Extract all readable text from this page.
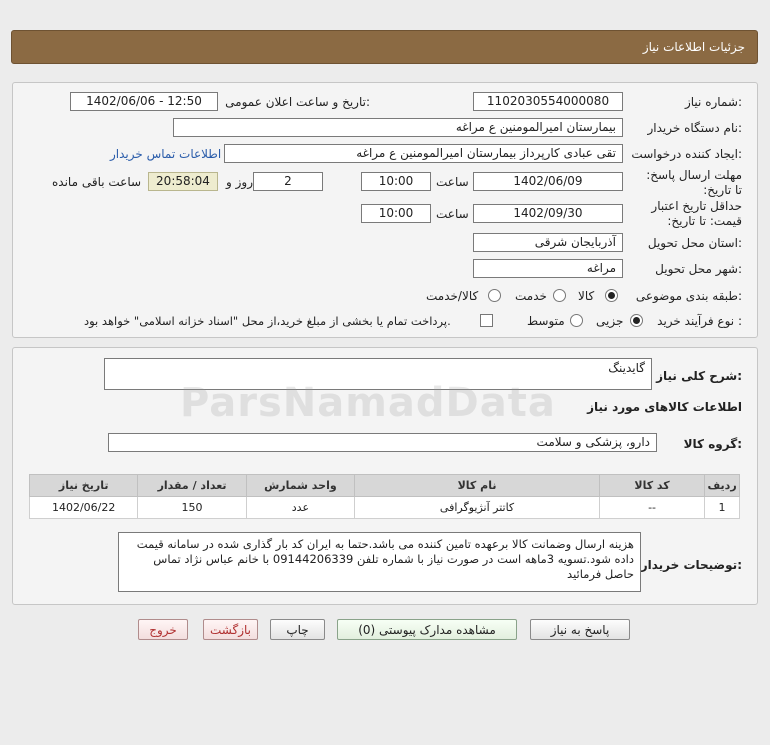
جزئیات اطلاعات نیاز
شماره نیاز:
1102030554000080
تاریخ و ساعت اعلان عمومی:
1402/06/06 - 12:50
نام دستگاه خریدار:
بیمارستان امیرالمومنین ع مراغه
ایجاد کننده درخواست:
تقی عبادی کارپرداز بیمارستان امیرالمومنین ع مراغه
اطلاعات تماس خریدار
مهلت ارسال پاسخ: تا تاریخ:
1402/06/09
ساعت
10:00
2
روز و
20:58:04
ساعت باقی مانده
حداقل تاریخ اعتبار قیمت: تا تاریخ:
1402/09/30
ساعت
10:00
استان محل تحویل:
آذربایجان شرقی
شهر محل تحویل:
مراغه
طبقه بندی موضوعی:
کالا
خدمت
کالا/خدمت
نوع فرآیند خرید :
جزیی
متوسط
پرداخت تمام یا بخشی از مبلغ خرید،از محل "اسناد خزانه اسلامی" خواهد بود.
شرح کلی نیاز:
گایدینگ
اطلاعات کالاهای مورد نیاز
ParsNamadData
گروه کالا:
دارو، پزشکی و سلامت
ردیف	کد کالا	نام کالا	واحد شمارش	تعداد / مقدار	تاریخ نیاز
1	--	کاتتر آنژیوگرافی	عدد	150	1402/06/22
توضیحات خریدار:
هزینه ارسال وضمانت کالا برعهده تامین کننده می باشد.حتما به ایران کد بار گذاری شده در سامانه قیمت داده شود.تسویه 3ماهه است در صورت نیاز با شماره تلفن 09144206339 با خانم عباس نژاد تماس حاصل فرمائید
پاسخ به نیاز
مشاهده مدارک پیوستی (0)
چاپ
بازگشت
خروج
